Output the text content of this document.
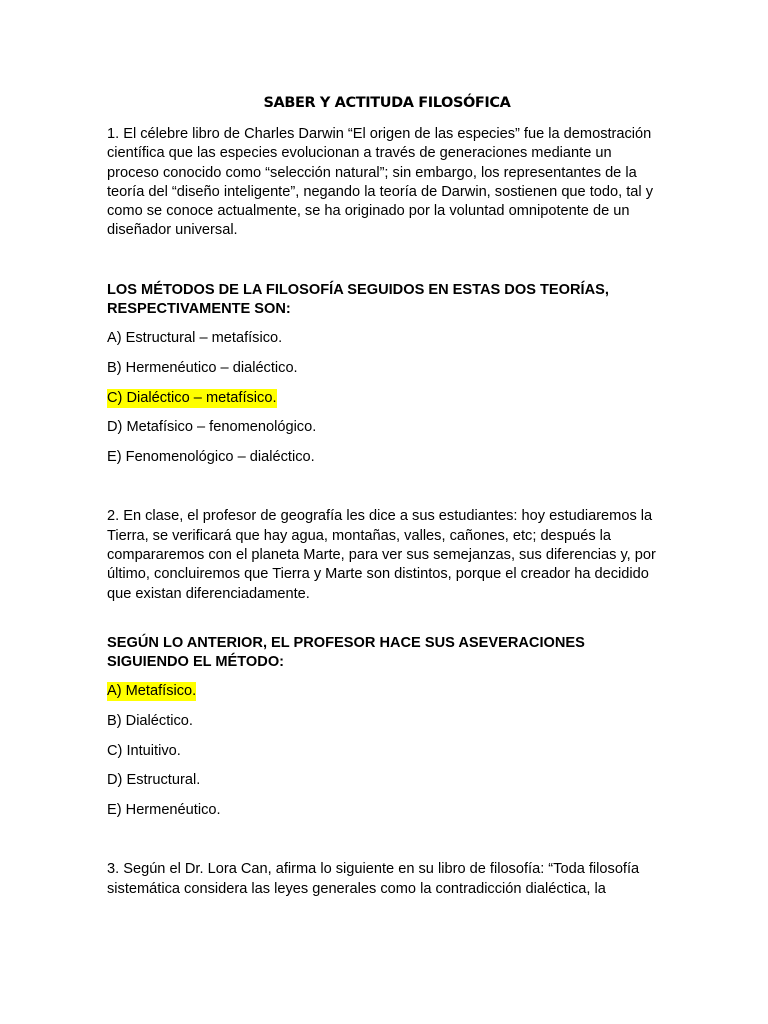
SABER Y ACTITUDA FILOSÓFICA

1. El célebre libro de Charles Darwin “El origen de las especies” fue la demostración científica que las especies evolucionan a través de generaciones mediante un proceso conocido como “selección natural”; sin embargo, los representantes de la teoría del “diseño inteligente”, negando la teoría de Darwin, sostienen que todo, tal y como se conoce actualmente, se ha originado por la voluntad omnipotente de un diseñador universal.

LOS MÉTODOS DE LA FILOSOFÍA SEGUIDOS EN ESTAS DOS TEORÍAS, RESPECTIVAMENTE SON:

A) Estructural – metafísico.
B) Hermenéutico – dialéctico.
C) Dialéctico – metafísico.
D) Metafísico – fenomenológico.
E) Fenomenológico – dialéctico.

2. En clase, el profesor de geografía les dice a sus estudiantes: hoy estudiaremos la Tierra, se verificará que hay agua, montañas, valles, cañones, etc; después la compararemos con el planeta Marte, para ver sus semejanzas, sus diferencias y, por último, concluiremos que Tierra y Marte son distintos, porque el creador ha decidido que existan diferenciadamente.

SEGÚN LO ANTERIOR, EL PROFESOR HACE SUS ASEVERACIONES SIGUIENDO EL MÉTODO:

A) Metafísico.
B) Dialéctico.
C) Intuitivo.
D) Estructural.
E) Hermenéutico.

3. Según el Dr. Lora Can, afirma lo siguiente en su libro de filosofía: “Toda filosofía sistemática considera las leyes generales como la contradicción dialéctica, la
